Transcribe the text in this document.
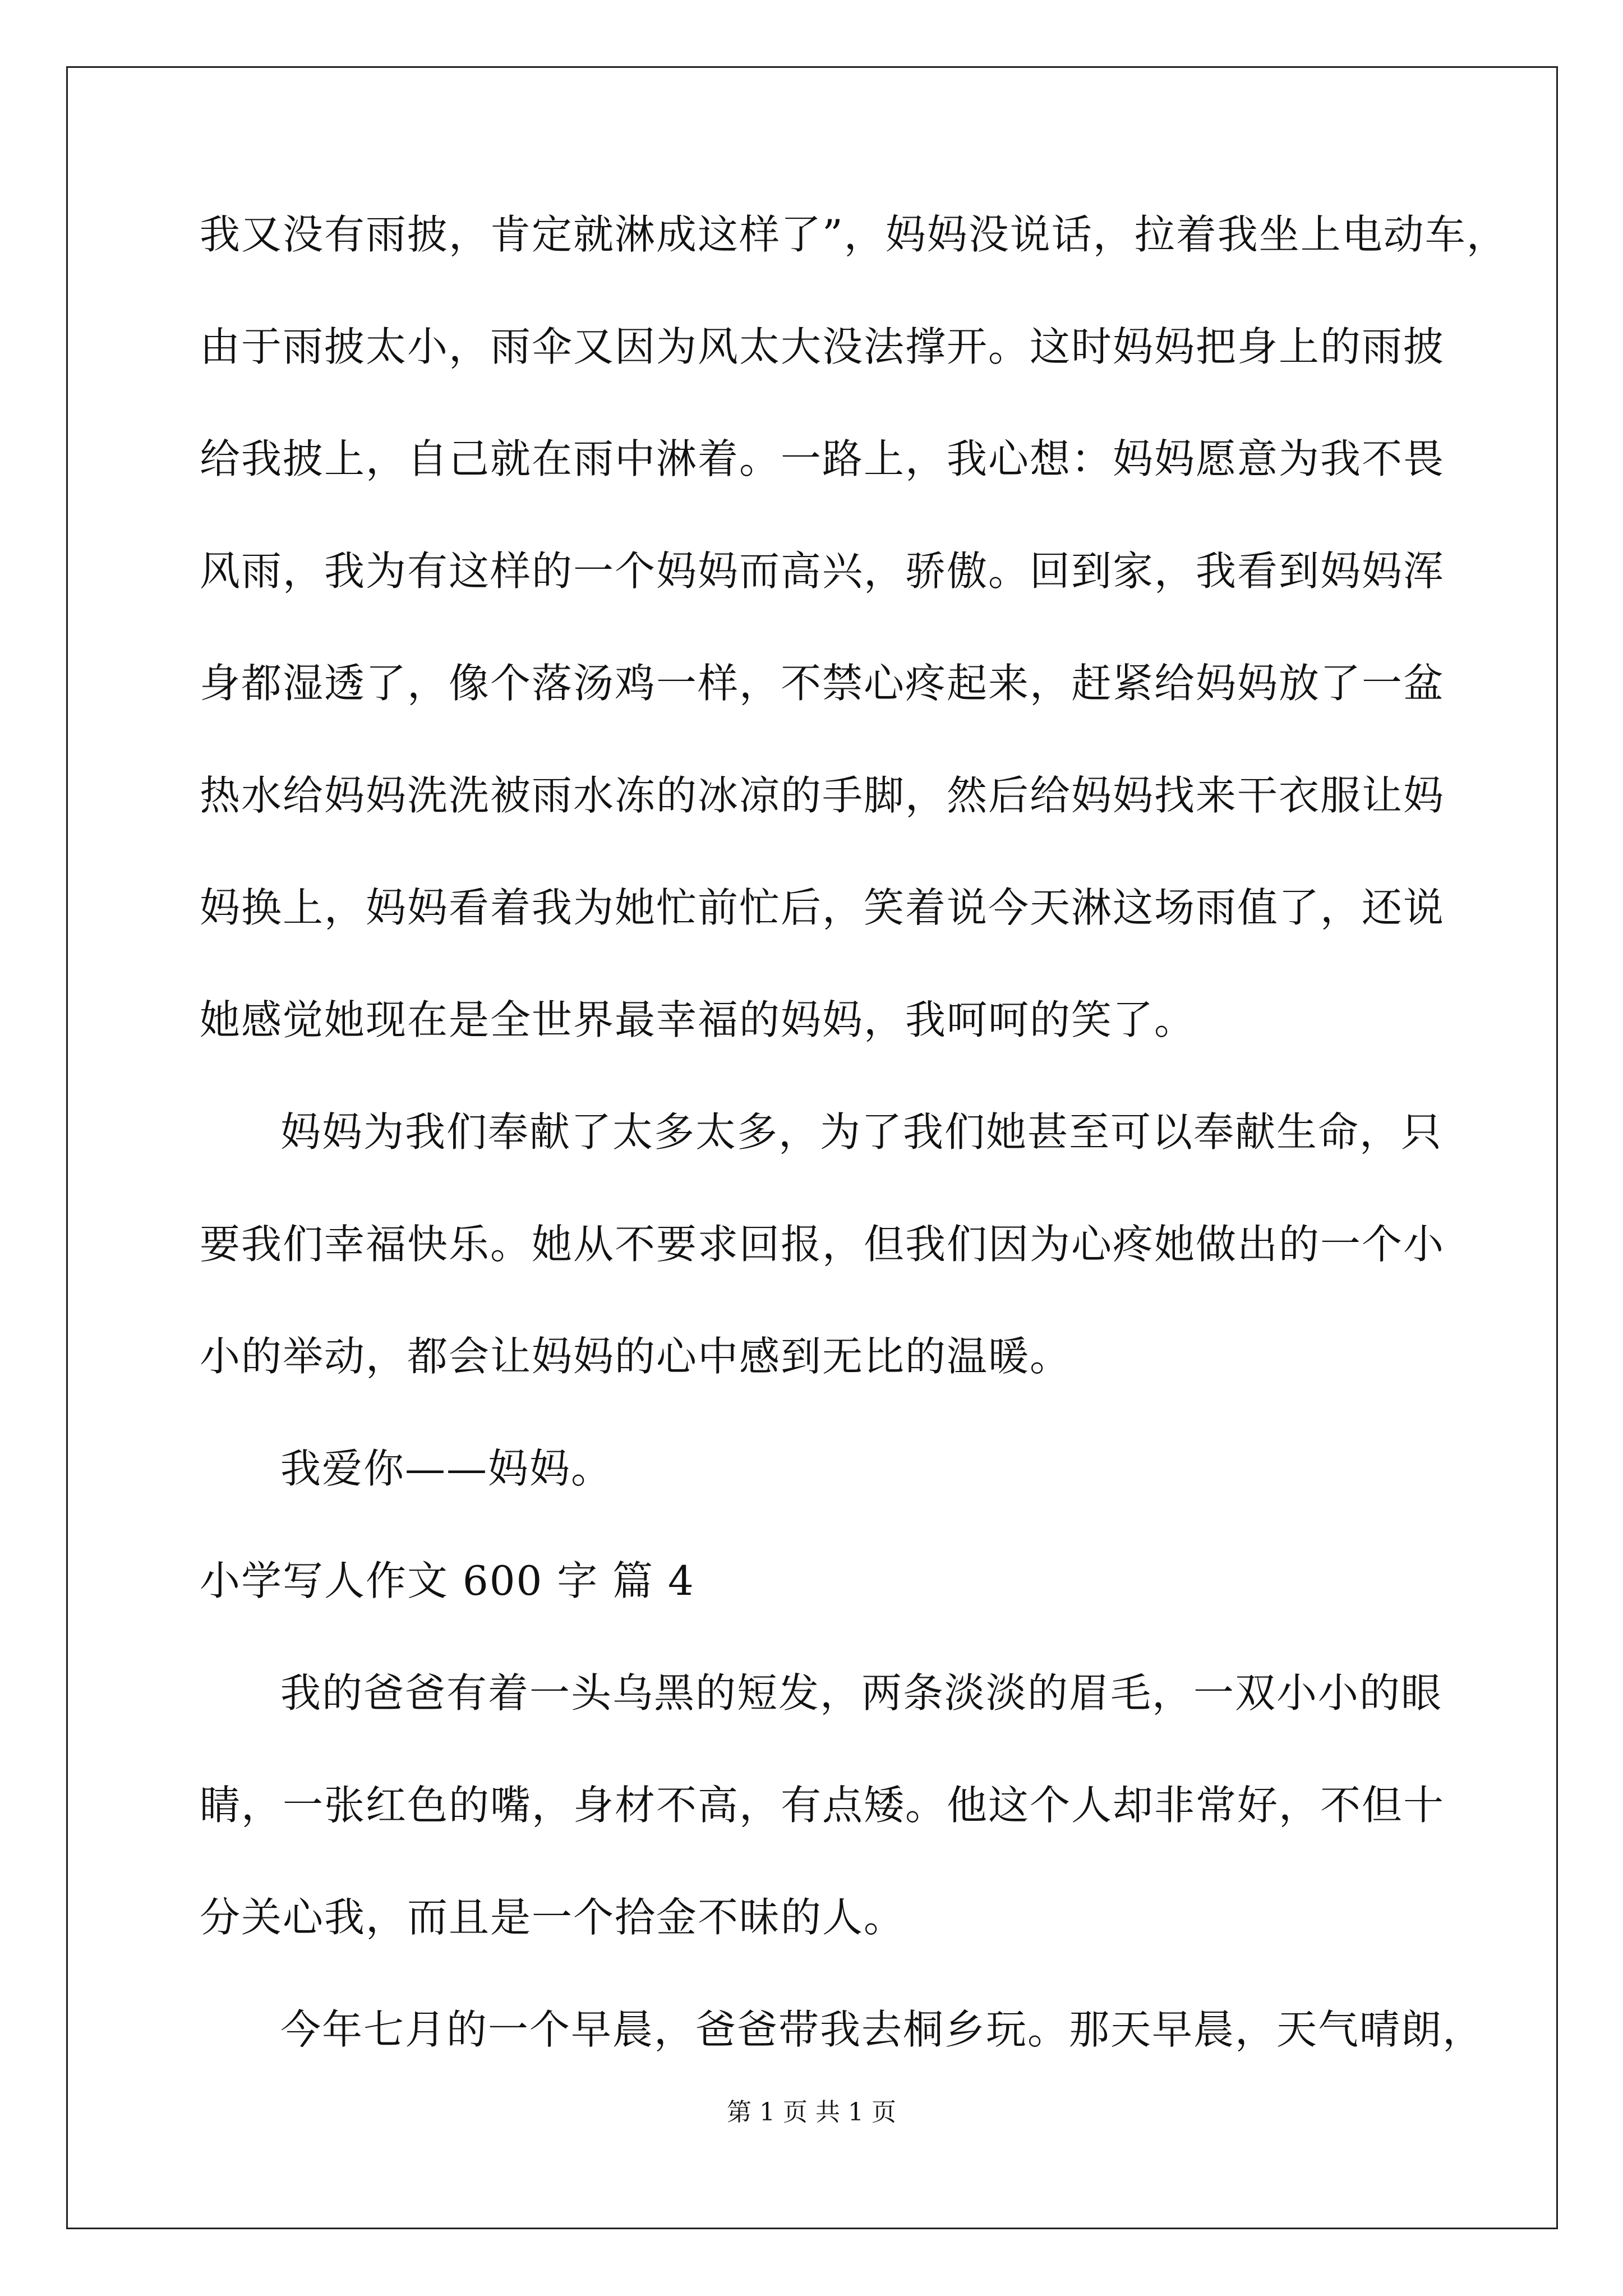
我又没有雨披，肯定就淋成这样了”，妈妈没说话，拉着我坐上电动车，
由于雨披太小，雨伞又因为风太大没法撑开。这时妈妈把身上的雨披
给我披上，自己就在雨中淋着。一路上，我心想：妈妈愿意为我不畏
风雨，我为有这样的一个妈妈而高兴，骄傲。回到家，我看到妈妈浑
身都湿透了，像个落汤鸡一样，不禁心疼起来，赶紧给妈妈放了一盆
热水给妈妈洗洗被雨水冻的冰凉的手脚，然后给妈妈找来干衣服让妈
妈换上，妈妈看着我为她忙前忙后，笑着说今天淋这场雨值了，还说
她感觉她现在是全世界最幸福的妈妈，我呵呵的笑了。
妈妈为我们奉献了太多太多，为了我们她甚至可以奉献生命，只
要我们幸福快乐。她从不要求回报，但我们因为心疼她做出的一个小
小的举动，都会让妈妈的心中感到无比的温暖。
我爱你——妈妈。
小学写人作文 600 字 篇 4
我的爸爸有着一头乌黑的短发，两条淡淡的眉毛，一双小小的眼
睛，一张红色的嘴，身材不高，有点矮。他这个人却非常好，不但十
分关心我，而且是一个拾金不昧的人。
今年七月的一个早晨，爸爸带我去桐乡玩。那天早晨，天气晴朗，
第 1 页 共 1 页
